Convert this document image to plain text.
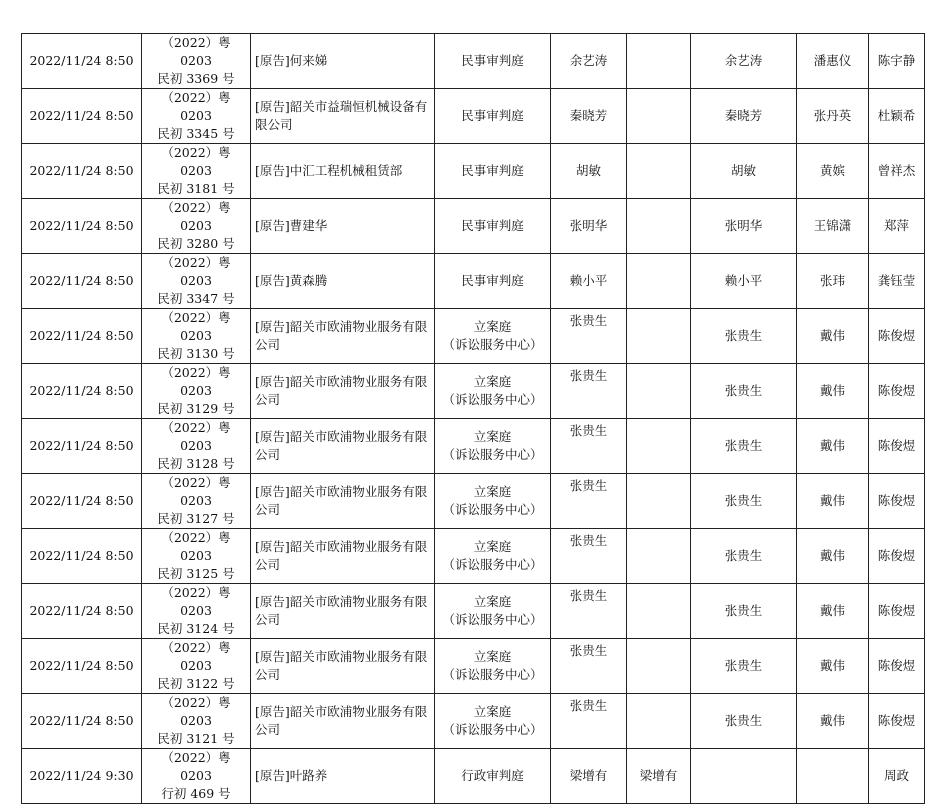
2022/11/24 8:50	（2022）粤 0203
民初 3369 号	[原告]何来娣	民事审判庭	余艺涛		余艺涛	潘惠仪	陈宇静
2022/11/24 8:50	（2022）粤 0203
民初 3345 号	[原告]韶关市益瑞恒机械设备有限公司	民事审判庭	秦晓芳		秦晓芳	张丹英	杜颖希
2022/11/24 8:50	（2022）粤 0203
民初 3181 号	[原告]中汇工程机械租赁部	民事审判庭	胡敏		胡敏	黄嫔	曾祥杰
2022/11/24 8:50	（2022）粤 0203
民初 3280 号	[原告]曹建华	民事审判庭	张明华		张明华	王锦潇	郑萍
2022/11/24 8:50	（2022）粤 0203
民初 3347 号	[原告]黄森腾	民事审判庭	赖小平		赖小平	张玮	龚钰莹
2022/11/24 8:50	（2022）粤 0203
民初 3130 号	[原告]韶关市欧浦物业服务有限公司	立案庭
（诉讼服务中心）	张贵生		张贵生	戴伟	陈俊煜
2022/11/24 8:50	（2022）粤 0203
民初 3129 号	[原告]韶关市欧浦物业服务有限公司	立案庭
（诉讼服务中心）	张贵生		张贵生	戴伟	陈俊煜
2022/11/24 8:50	（2022）粤 0203
民初 3128 号	[原告]韶关市欧浦物业服务有限公司	立案庭
（诉讼服务中心）	张贵生		张贵生	戴伟	陈俊煜
2022/11/24 8:50	（2022）粤 0203
民初 3127 号	[原告]韶关市欧浦物业服务有限公司	立案庭
（诉讼服务中心）	张贵生		张贵生	戴伟	陈俊煜
2022/11/24 8:50	（2022）粤 0203
民初 3125 号	[原告]韶关市欧浦物业服务有限公司	立案庭
（诉讼服务中心）	张贵生		张贵生	戴伟	陈俊煜
2022/11/24 8:50	（2022）粤 0203
民初 3124 号	[原告]韶关市欧浦物业服务有限公司	立案庭
（诉讼服务中心）	张贵生		张贵生	戴伟	陈俊煜
2022/11/24 8:50	（2022）粤 0203
民初 3122 号	[原告]韶关市欧浦物业服务有限公司	立案庭
（诉讼服务中心）	张贵生		张贵生	戴伟	陈俊煜
2022/11/24 8:50	（2022）粤 0203
民初 3121 号	[原告]韶关市欧浦物业服务有限公司	立案庭
（诉讼服务中心）	张贵生		张贵生	戴伟	陈俊煜
2022/11/24 9:30	（2022）粤 0203
行初 469 号	[原告]叶路养	行政审判庭	梁增有	梁增有			周政
